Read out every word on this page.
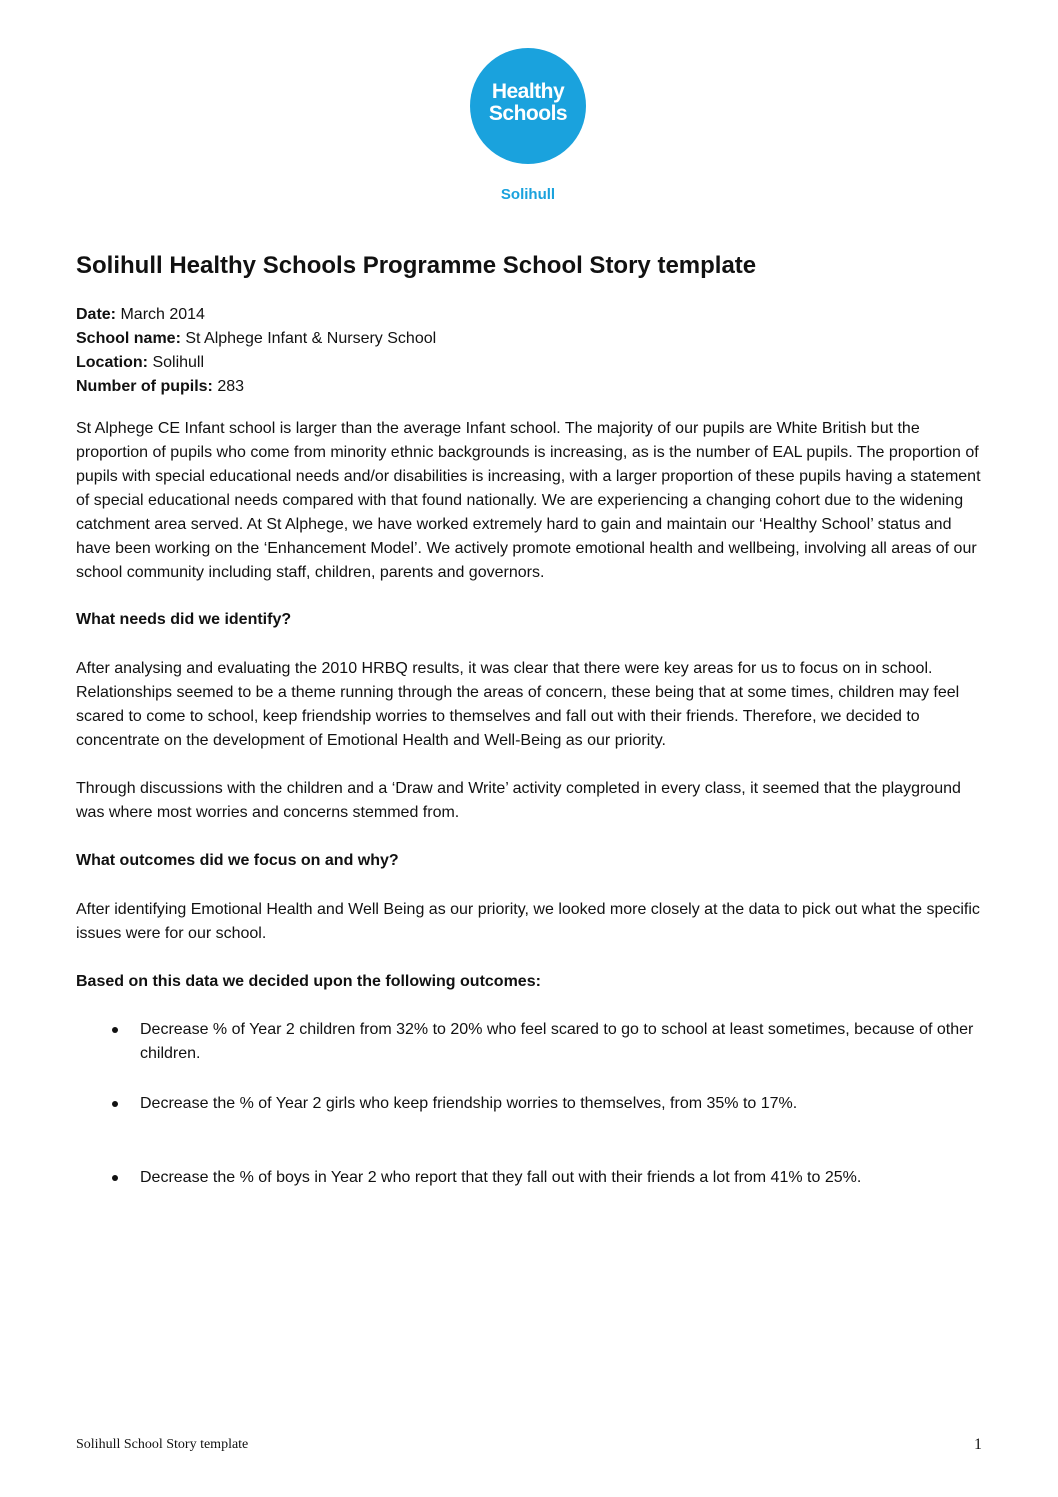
Healthy
Schools
Solihull
Solihull Healthy Schools Programme School Story template
Date: March 2014
School name: St Alphege Infant & Nursery School
Location: Solihull
Number of pupils: 283

St Alphege CE Infant school is larger than the average Infant school. The majority of our pupils are White British but the proportion of pupils who come from minority ethnic backgrounds is increasing, as is the number of EAL pupils. The proportion of pupils with special educational needs and/or disabilities is increasing, with a larger proportion of these pupils having a statement of special educational needs compared with that found nationally. We are experiencing a changing cohort due to the widening catchment area served. At St Alphege, we have worked extremely hard to gain and maintain our ‘Healthy School’ status and have been working on the ‘Enhancement Model’. We actively promote emotional health and wellbeing, involving all areas of our school community including staff, children, parents and governors.

What needs did we identify?

After analysing and evaluating the 2010 HRBQ results, it was clear that there were key areas for us to focus on in school. Relationships seemed to be a theme running through the areas of concern, these being that at some times, children may feel scared to come to school, keep friendship worries to themselves and fall out with their friends. Therefore, we decided to concentrate on the development of Emotional Health and Well-Being as our priority.

Through discussions with the children and a ‘Draw and Write’ activity completed in every class, it seemed that the playground was where most worries and concerns stemmed from.

What outcomes did we focus on and why?

After identifying Emotional Health and Well Being as our priority, we looked more closely at the data to pick out what the specific issues were for our school.

Based on this data we decided upon the following outcomes:
Decrease % of Year 2 children from 32% to 20% who feel scared to go to school at least sometimes, because of other children.
Decrease the % of Year 2 girls who keep friendship worries to themselves, from 35% to 17%.
Decrease the % of boys in Year 2 who report that they fall out with their friends a lot from 41% to 25%.
Solihull School Story template	1
